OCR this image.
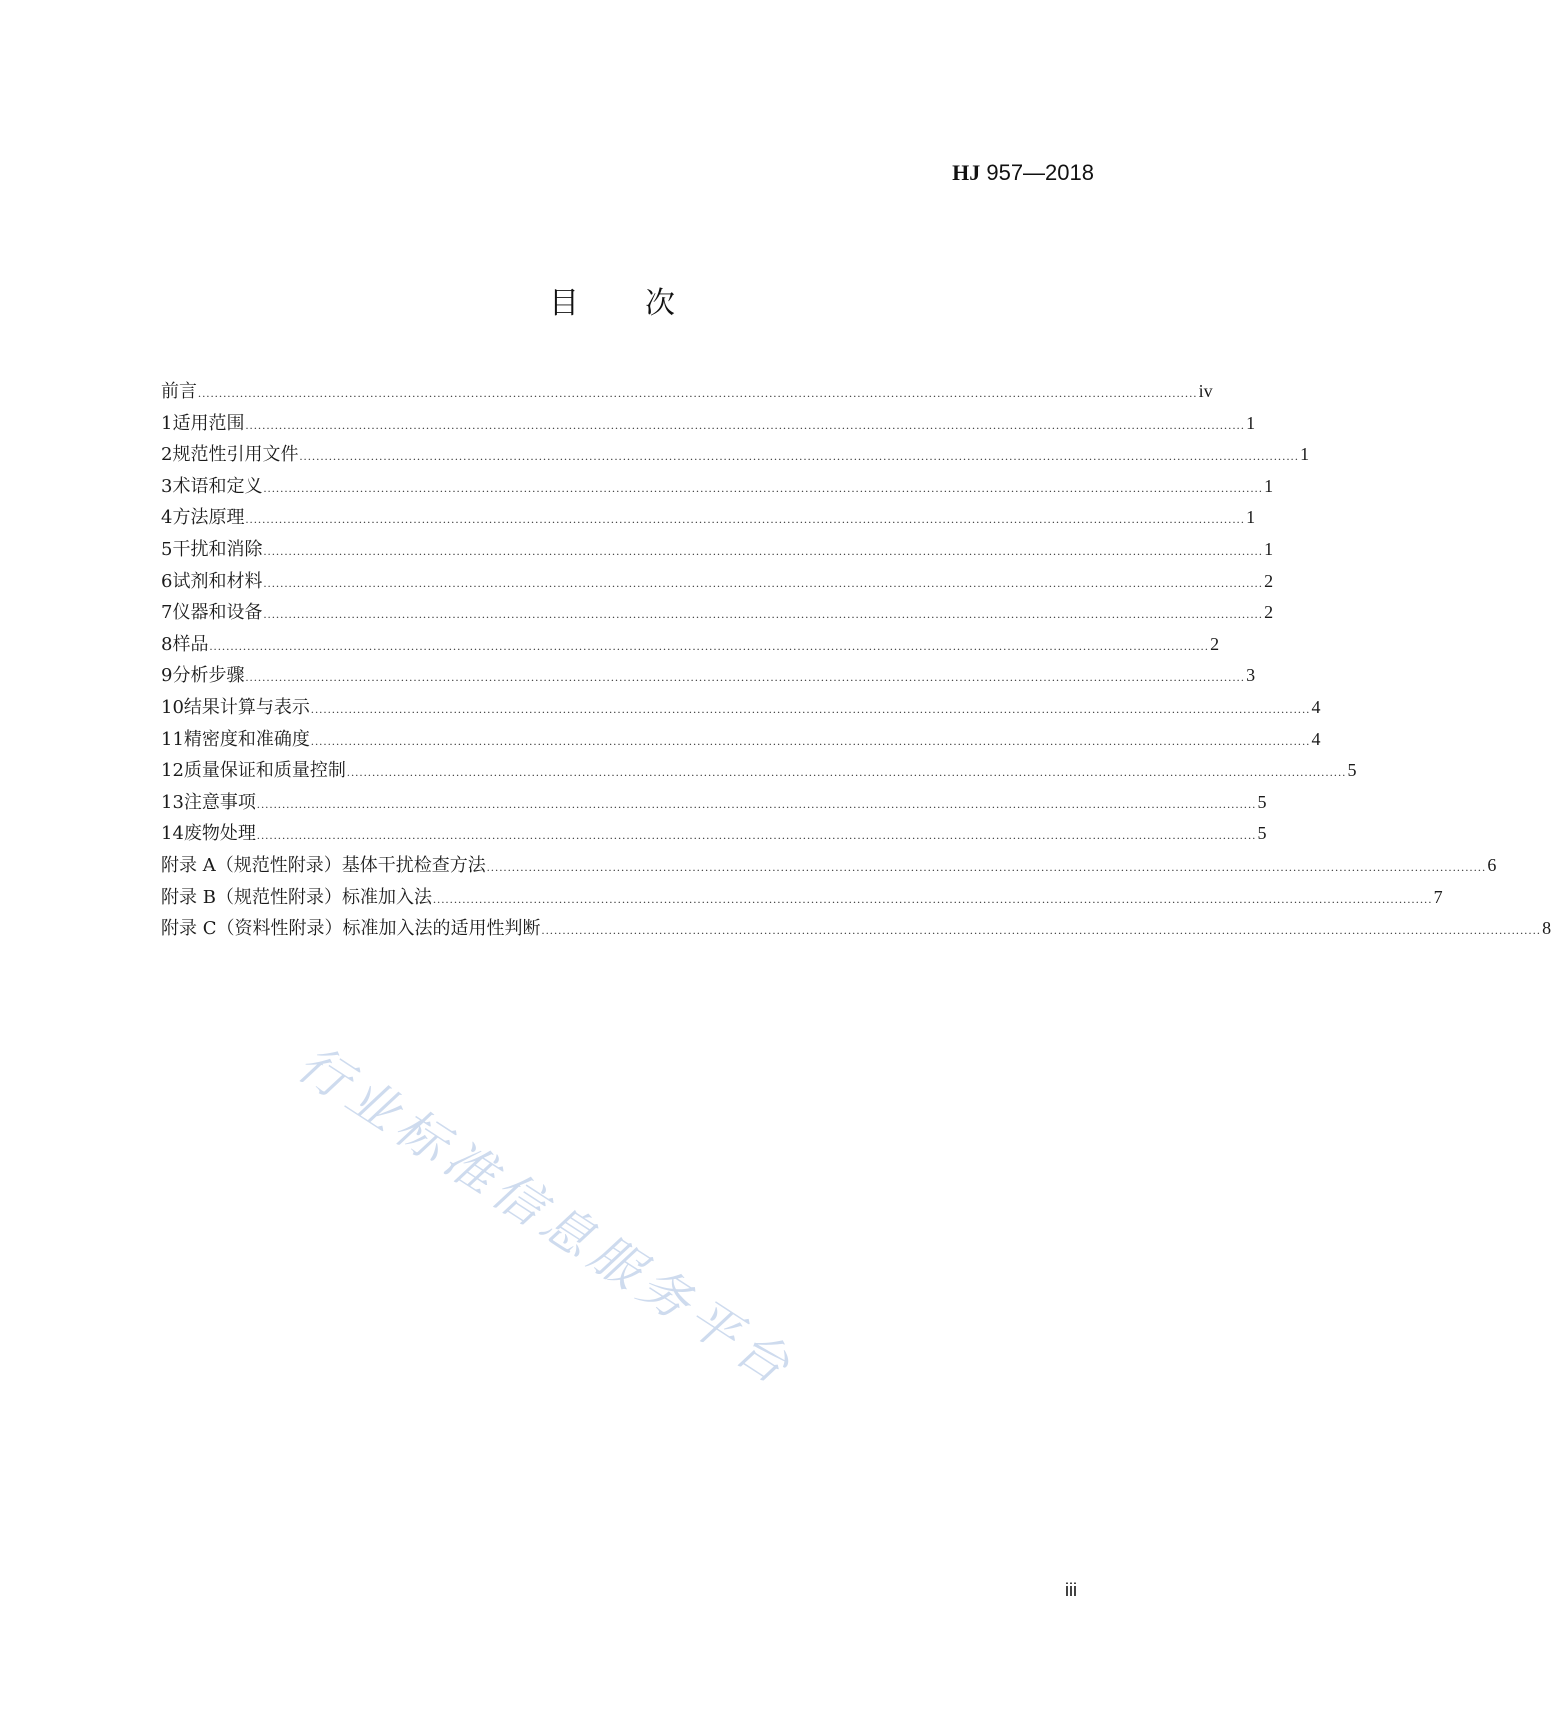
HJ 957—2018
目次
前 言 .............................................................................................................................................................................................................................................. iv
1 适用范围 .............................................................................................................................................................................................................................................. 1
2 规范性引用文件 .............................................................................................................................................................................................................................................. 1
3 术语和定义 .............................................................................................................................................................................................................................................. 1
4 方法原理 .............................................................................................................................................................................................................................................. 1
5 干扰和消除 .............................................................................................................................................................................................................................................. 1
6 试剂和材料 .............................................................................................................................................................................................................................................. 2
7 仪器和设备 .............................................................................................................................................................................................................................................. 2
8 样品 .............................................................................................................................................................................................................................................. 2
9 分析步骤 .............................................................................................................................................................................................................................................. 3
10 结果计算与表示 .............................................................................................................................................................................................................................................. 4
11 精密度和准确度 .............................................................................................................................................................................................................................................. 4
12 质量保证和质量控制 .............................................................................................................................................................................................................................................. 5
13 注意事项 .............................................................................................................................................................................................................................................. 5
14 废物处理 .............................................................................................................................................................................................................................................. 5
附录 A（规范性附录） 基体干扰检查方法 .............................................................................................................................................................................................................................................. 6
附录 B（规范性附录） 标准加入法 .............................................................................................................................................................................................................................................. 7
附录 C（资料性附录） 标准加入法的适用性判断 .............................................................................................................................................................................................................................................. 8
行业标准信息服务平台
iii
